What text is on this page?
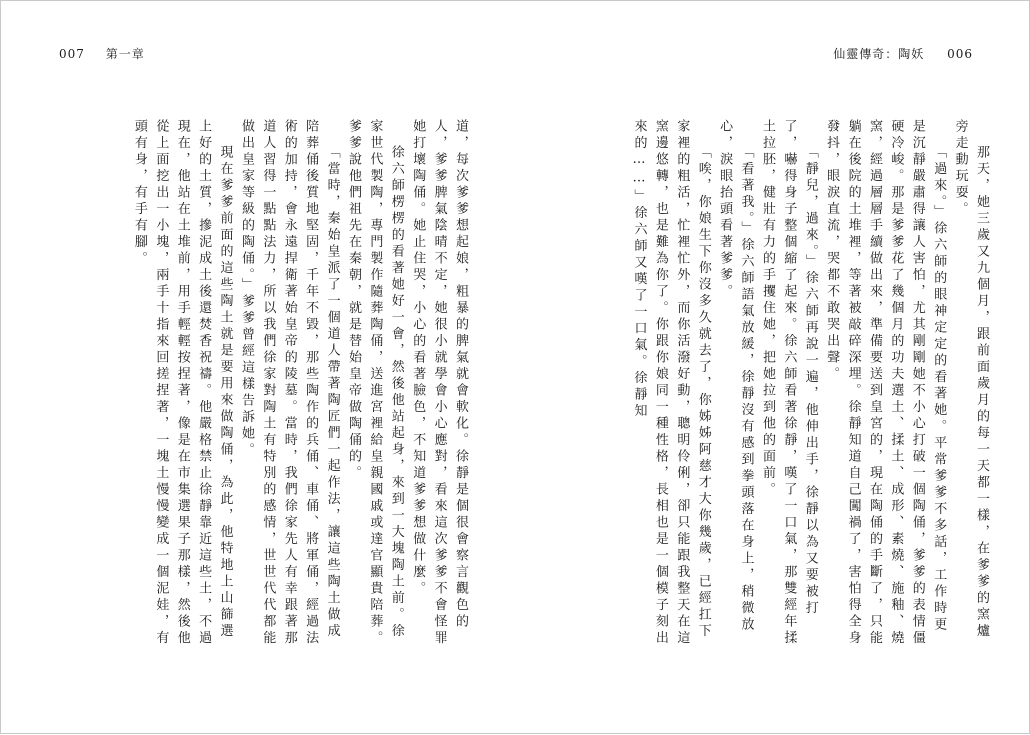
007 第一章

道，每次爹爹想起娘，粗暴的脾氣就會軟化。徐靜是個很會察言觀色的人，爹爹脾氣陰晴不定，她很小就學會小心應對，看來這次爹爹不會怪罪她打壞陶俑。她止住哭，小心的看著臉色，不知道爹爹想做什麼。

徐六師楞楞的看著她好一會，然後他站起身，來到一大塊陶土前。徐家世代製陶，專門製作隨葬陶俑，送進宮裡給皇親國戚或達官顯貴陪葬。爹爹說他們祖先在秦朝，就是替始皇帝做陶俑的。

「當時，秦始皇派了一個道人帶著陶匠們一起作法，讓這些陶土做成陪葬俑後質地堅固，千年不毀，那些陶作的兵俑、車俑、將軍俑，經過法術的加持，會永遠捍衛著始皇帝的陵墓。當時，我們徐家先人有幸跟著那道人習得一點點法力，所以我們徐家對陶土有特別的感情，世世代代都能做出皇家等級的陶俑。」爹爹曾經這樣告訴她。

現在爹爹前面的這些陶土就是要用來做陶俑，為此，他特地上山篩選上好的土質，摻泥成土後還焚香祝禱。他嚴格禁止徐靜靠近這些土，不過現在，他站在土堆前，用手輕輕按捏著，像是在市集選果子那樣，然後他從上面挖出一小塊，兩手十指來回搓捏著，一塊土慢慢變成一個泥娃，有頭有身，有手有腳。

仙靈傳奇：陶妖 006

那天，她三歲又九個月，跟前面歲月的每一天都一樣，在爹爹的窯爐旁走動玩耍。

「過來。」徐六師的眼神定定的看著她。平常爹爹不多話，工作時更是沉靜嚴肅得讓人害怕，尤其剛剛她不小心打破一個陶俑，爹爹的表情僵硬冷峻。那是爹爹花了幾個月的功夫選土、揉土、成形、素燒、施釉、燒窯，經過層層手續做出來，準備要送到皇宮的，現在陶俑的手斷了，只能躺在後院的土堆裡，等著被敲碎深埋。徐靜知道自己闖禍了，害怕得全身發抖，眼淚直流，哭都不敢哭出聲。

「靜兒，過來。」徐六師再說一遍，他伸出手，徐靜以為又要被打了，嚇得身子整個縮了起來。徐六師看著徐靜，嘆了一口氣，那雙經年揉土拉胚，健壯有力的手攫住她，把她拉到他的面前。

「看著我。」徐六師語氣放緩，徐靜沒有感到拳頭落在身上，稍微放心，淚眼抬頭看著爹爹。

「唉，你娘生下你沒多久就去了，你姊姊阿慈才大你幾歲，已經扛下家裡的粗活，忙裡忙外，而你活潑好動，聰明伶俐，卻只能跟我整天在這窯邊悠轉，也是難為你了。你跟你娘同一種性格，長相也是一個模子刻出來的……」徐六師又嘆了一口氣。徐靜知
